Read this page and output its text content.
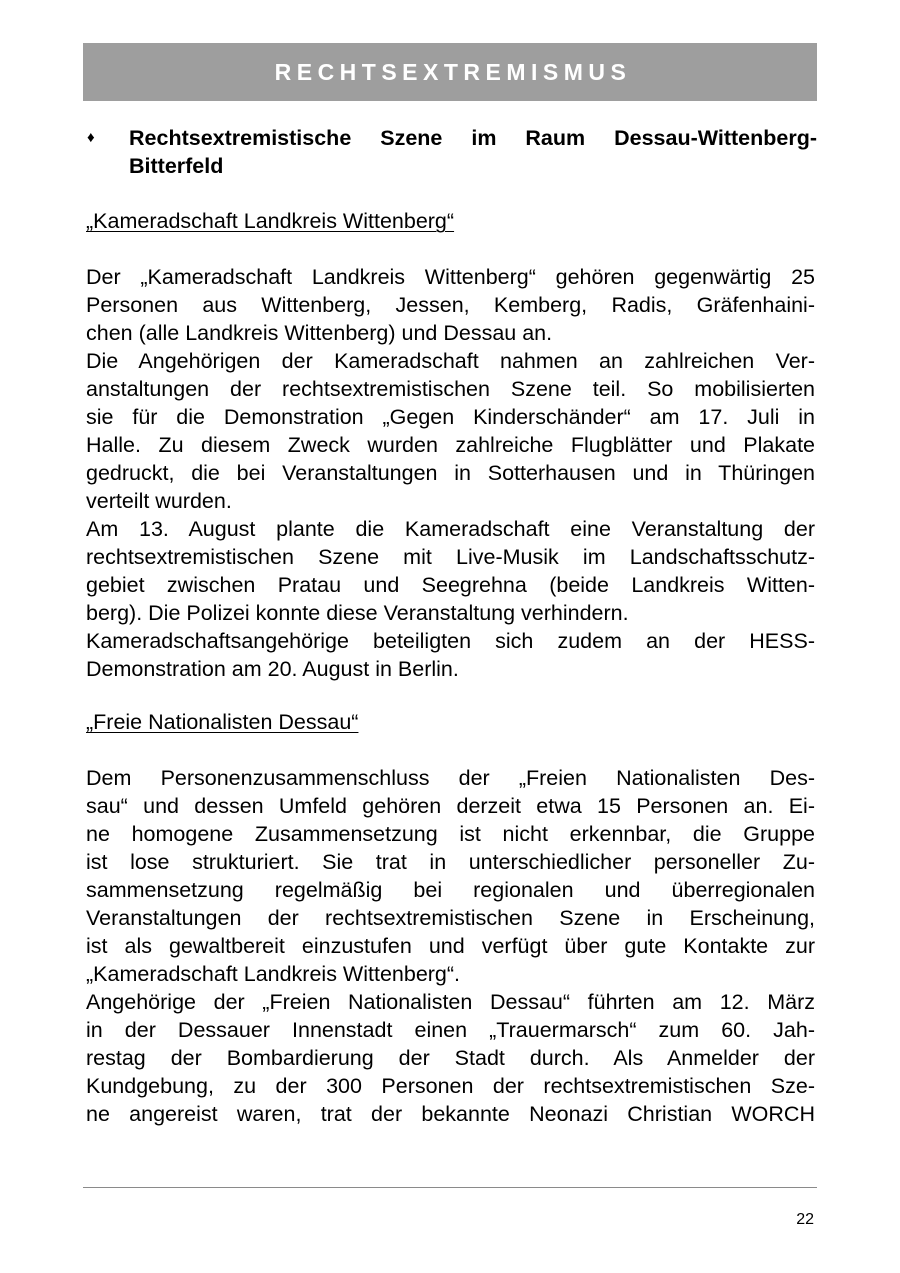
RECHTSEXTREMISMUS
♦	Rechtsextremistische Szene im Raum Dessau-Wittenberg-Bitterfeld
„Kameradschaft Landkreis Wittenberg“
Der „Kameradschaft Landkreis Wittenberg“ gehören gegenwärtig 25
Personen aus Wittenberg, Jessen, Kemberg, Radis, Gräfenhaini-
chen (alle Landkreis Wittenberg) und Dessau an.
Die Angehörigen der Kameradschaft nahmen an zahlreichen Ver-
anstaltungen der rechtsextremistischen Szene teil. So mobilisierten
sie für die Demonstration „Gegen Kinderschänder“ am 17. Juli in
Halle. Zu diesem Zweck wurden zahlreiche Flugblätter und Plakate
gedruckt, die bei Veranstaltungen in Sotterhausen und in Thüringen
verteilt wurden.
Am 13. August plante die Kameradschaft eine Veranstaltung der
rechtsextremistischen Szene mit Live-Musik im Landschaftsschutz-
gebiet zwischen Pratau und Seegrehna (beide Landkreis Witten-
berg). Die Polizei konnte diese Veranstaltung verhindern.
Kameradschaftsangehörige beteiligten sich zudem an der HESS-
Demonstration am 20. August in Berlin.
„Freie Nationalisten Dessau“
Dem Personenzusammenschluss der „Freien Nationalisten Des-
sau“ und dessen Umfeld gehören derzeit etwa 15 Personen an. Ei-
ne homogene Zusammensetzung ist nicht erkennbar, die Gruppe
ist lose strukturiert. Sie trat in unterschiedlicher personeller Zu-
sammensetzung regelmäßig bei regionalen und überregionalen
Veranstaltungen der rechtsextremistischen Szene in Erscheinung,
ist als gewaltbereit einzustufen und verfügt über gute Kontakte zur
„Kameradschaft Landkreis Wittenberg“.
Angehörige der „Freien Nationalisten Dessau“ führten am 12. März
in der Dessauer Innenstadt einen „Trauermarsch“ zum 60. Jah-
restag der Bombardierung der Stadt durch. Als Anmelder der
Kundgebung, zu der 300 Personen der rechtsextremistischen Sze-
ne angereist waren, trat der bekannte Neonazi Christian WORCH
22
